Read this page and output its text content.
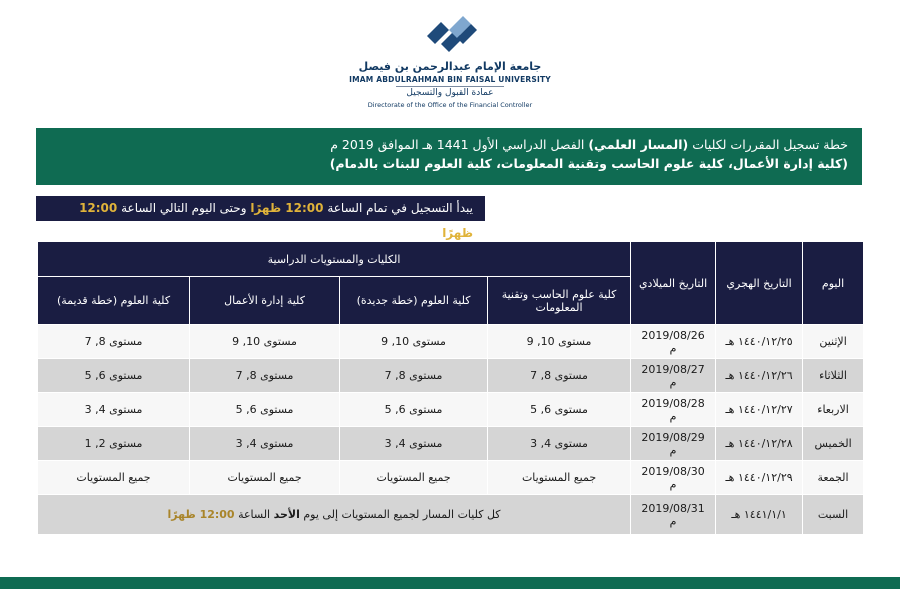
جامعة الإمام عبدالرحمن بن فيصل
IMAM ABDULRAHMAN BIN FAISAL UNIVERSITY
عمادة القبول والتسجيل
Directorate of the Office of the Financial Controller
خطة تسجيل المقررات لكليات (المسار العلمي) الفصل الدراسي الأول 1441 هـ الموافق 2019 م
(كلية إدارة الأعمال، كلية علوم الحاسب وتقنية المعلومات، كلية العلوم للبنات بالدمام)
يبدأ التسجيل في تمام الساعة 12:00 ظهرًا وحتى اليوم التالي الساعة 12:00 ظهرًا
اليوم	التاريخ الهجري	التاريخ الميلادي	الكليات والمستويات الدراسية			
			كلية علوم الحاسب وتقنية المعلومات	كلية العلوم (خطة جديدة)	كلية إدارة الأعمال	كلية العلوم (خطة قديمة)
الإثنين	١٤٤٠/١٢/٢٥ هـ	2019/08/26 م	مستوى 10, 9	مستوى 10, 9	مستوى 10, 9	مستوى 8, 7
الثلاثاء	١٤٤٠/١٢/٢٦ هـ	2019/08/27 م	مستوى 8, 7	مستوى 8, 7	مستوى 8, 7	مستوى 6, 5
الاربعاء	١٤٤٠/١٢/٢٧ هـ	2019/08/28 م	مستوى 6, 5	مستوى 6, 5	مستوى 6, 5	مستوى 4, 3
الخميس	١٤٤٠/١٢/٢٨ هـ	2019/08/29 م	مستوى 4, 3	مستوى 4, 3	مستوى 4, 3	مستوى 2, 1
الجمعة	١٤٤٠/١٢/٢٩ هـ	2019/08/30 م	جميع المستويات	جميع المستويات	جميع المستويات	جميع المستويات
السبت	١٤٤١/١/١ هـ	2019/08/31 م	كل كليات المسار لجميع المستويات إلى يوم الأحد الساعة 12:00 ظهرًا			
